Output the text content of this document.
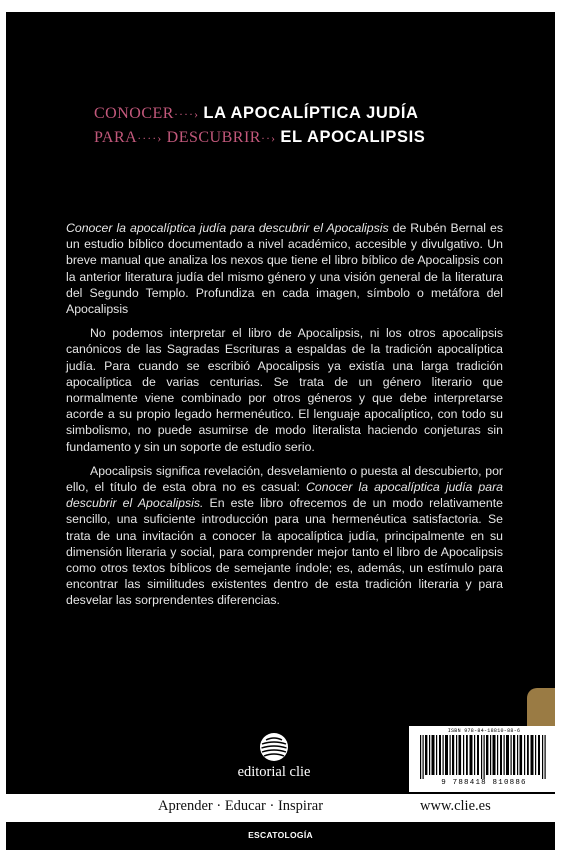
CONOCER····› LA APOCALÍPTICA JUDÍA
PARA····› DESCUBRIR··› EL APOCALIPSIS

Conocer la apocalíptica judía para descubrir el Apocalipsis de Rubén Bernal es un estudio bíblico documentado a nivel académico, accesible y divulgativo. Un breve manual que analiza los nexos que tiene el libro bíblico de Apocalipsis con la anterior literatura judía del mismo género y una visión general de la literatura del Segundo Templo. Profundiza en cada imagen, símbolo o metáfora del Apocalipsis

No podemos interpretar el libro de Apocalipsis, ni los otros apocalipsis canónicos de las Sagradas Escrituras a espaldas de la tradición apocalíptica judía. Para cuando se escribió Apocalipsis ya existía una larga tradición apocalíptica de varias centurias. Se trata de un género literario que normalmente viene combinado por otros géneros y que debe interpretarse acorde a su propio legado hermenéutico. El lenguaje apocalíptico, con todo su simbolismo, no puede asumirse de modo literalista haciendo conjeturas sin fundamento y sin un soporte de estudio serio.

Apocalipsis significa revelación, desvelamiento o puesta al descubierto, por ello, el título de esta obra no es casual: Conocer la apocalíptica judía para descubrir el Apocalipsis. En este libro ofrecemos de un modo relativamente sencillo, una suficiente introducción para una hermenéutica satisfactoria. Se trata de una invitación a conocer la apocalíptica judía, principalmente en su dimensión literaria y social, para comprender mejor tanto el libro de Apocalipsis como otros textos bíblicos de semejante índole; es, además, un estímulo para encontrar las similitudes existentes dentro de esta tradición literaria y para desvelar las sorprendentes diferencias.

editorial clie
ISBN 978-84-18810-88-6
9 788418 810886
Aprender · Educar · Inspirar	www.clie.es
ESCATOLOGÍA
